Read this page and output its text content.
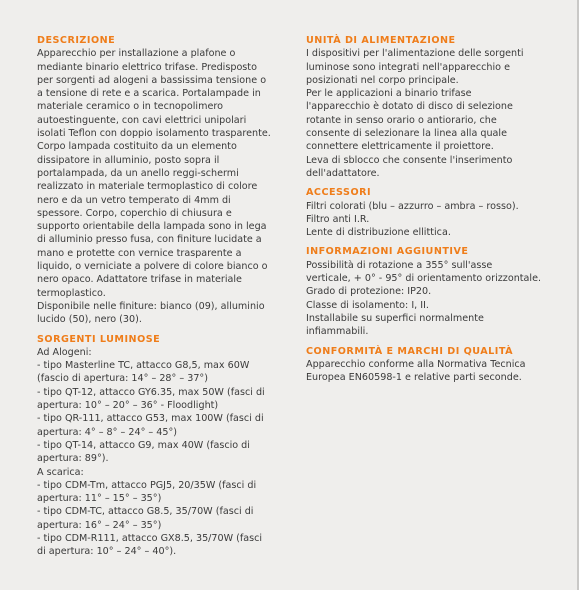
DESCRIZIONE
Apparecchio per installazione a plafone o
mediante binario elettrico trifase. Predisposto
per sorgenti ad alogeni a bassissima tensione o
a tensione di rete e a scarica. Portalampade in
materiale ceramico o in tecnopolimero
autoestinguente, con cavi elettrici unipolari
isolati Teflon con doppio isolamento trasparente.
Corpo lampada costituito da un elemento
dissipatore in alluminio, posto sopra il
portalampada, da un anello reggi-schermi
realizzato in materiale termoplastico di colore
nero e da un vetro temperato di 4mm di
spessore. Corpo, coperchio di chiusura e
supporto orientabile della lampada sono in lega
di alluminio presso fusa, con finiture lucidate a
mano e protette con vernice trasparente a
liquido, o verniciate a polvere di colore bianco o
nero opaco. Adattatore trifase in materiale
termoplastico.
Disponibile nelle finiture: bianco (09), alluminio
lucido (50), nero (30).
SORGENTI LUMINOSE
Ad Alogeni:
- tipo Masterline TC, attacco G8,5, max 60W
(fascio di apertura: 14° – 28° – 37°)
- tipo QT-12, attacco GY6.35, max 50W (fasci di
apertura: 10° – 20° – 36° - Floodlight)
- tipo QR-111, attacco G53, max 100W (fasci di
apertura: 4° – 8° – 24° – 45°)
- tipo QT-14, attacco G9, max 40W (fascio di
apertura: 89°).
A scarica:
- tipo CDM-Tm, attacco PGJ5, 20/35W (fasci di
apertura: 11° – 15° – 35°)
- tipo CDM-TC, attacco G8.5, 35/70W (fasci di
apertura: 16° – 24° – 35°)
- tipo CDM-R111, attacco GX8.5, 35/70W (fasci
di apertura: 10° – 24° – 40°).
UNITÀ DI ALIMENTAZIONE
I dispositivi per l'alimentazione delle sorgenti
luminose sono integrati nell'apparecchio e
posizionati nel corpo principale.
Per le applicazioni a binario trifase
l'apparecchio è dotato di disco di selezione
rotante in senso orario o antiorario, che
consente di selezionare la linea alla quale
connettere elettricamente il proiettore.
Leva di sblocco che consente l'inserimento
dell'adattatore.
ACCESSORI
Filtri colorati (blu – azzurro – ambra – rosso).
Filtro anti I.R.
Lente di distribuzione ellittica.
INFORMAZIONI AGGIUNTIVE
Possibilità di rotazione a 355° sull'asse
verticale, + 0° - 95° di orientamento orizzontale.
Grado di protezione: IP20.
Classe di isolamento: I, II.
Installabile su superfici normalmente
infiammabili.
CONFORMITÀ E MARCHI DI QUALITÀ
Apparecchio conforme alla Normativa Tecnica
Europea EN60598-1 e relative parti seconde.
